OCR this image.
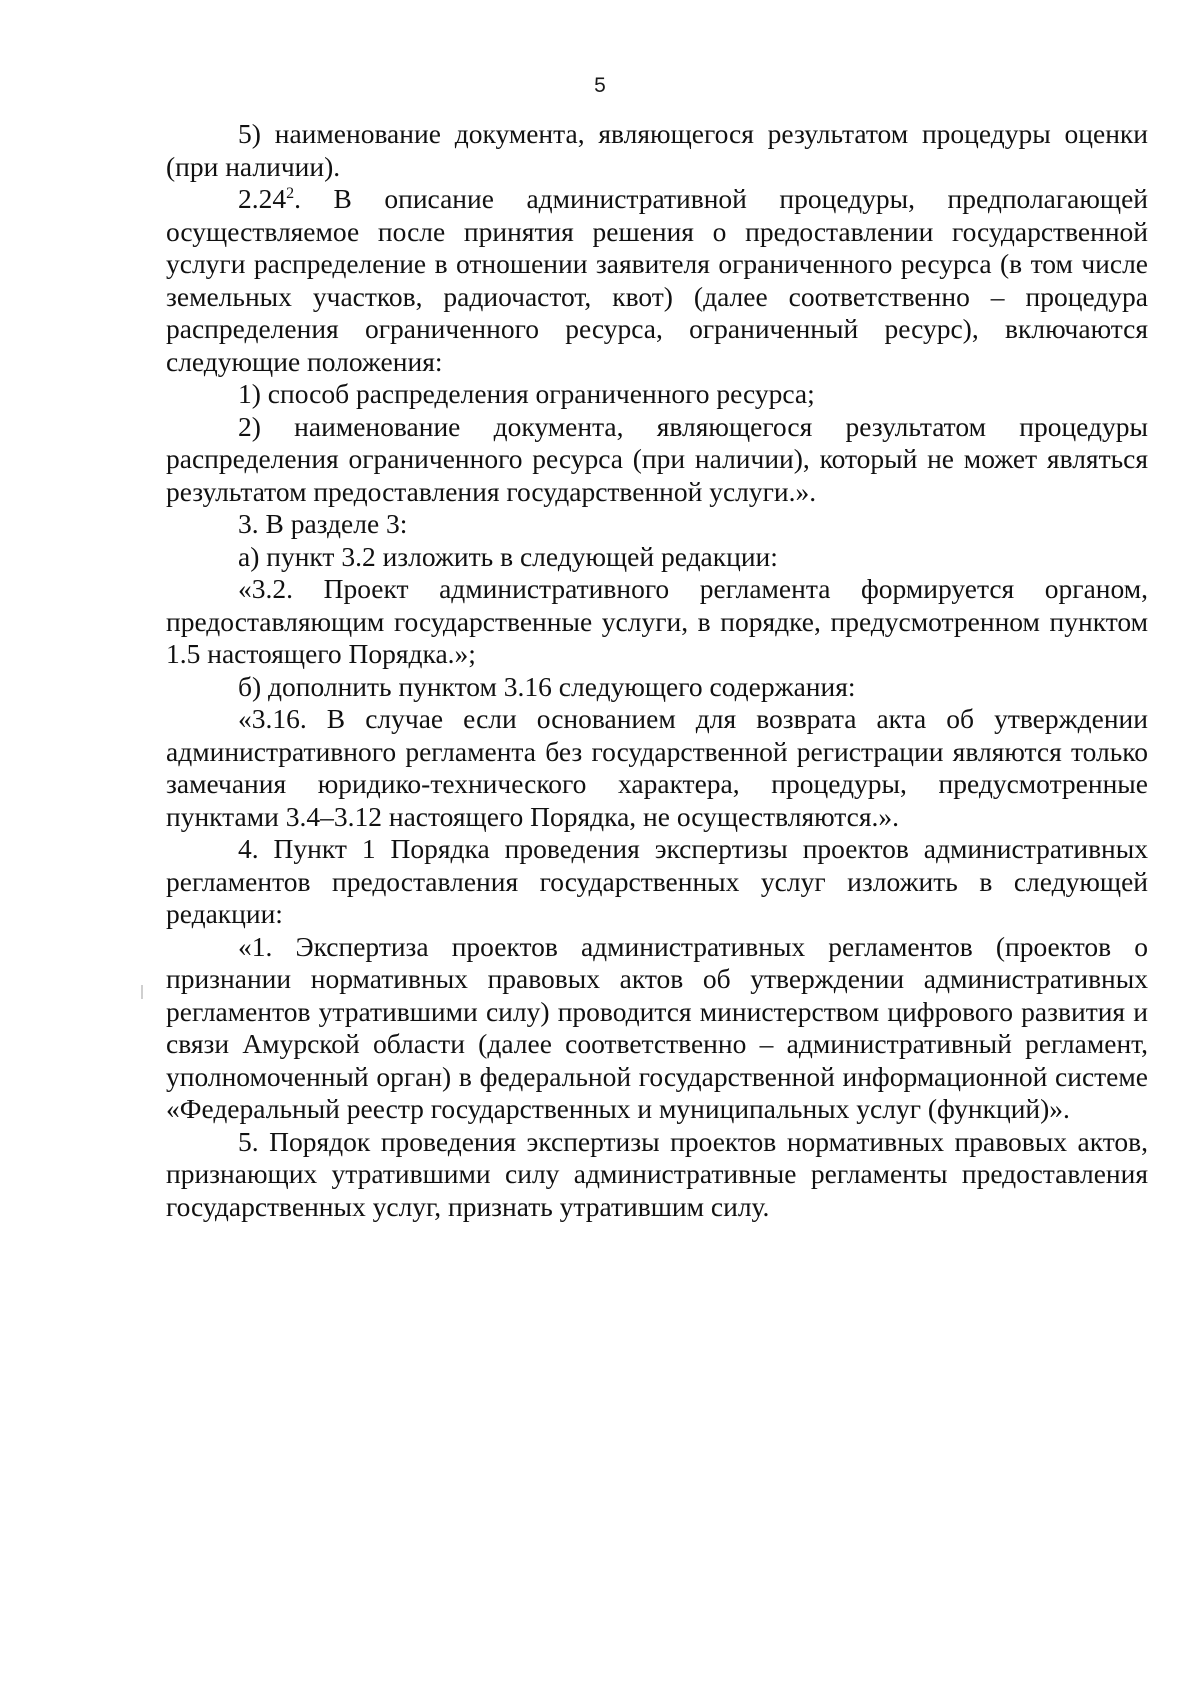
5

5) наименование документа, являющегося результатом процедуры оценки (при наличии).

2.24$^2$. В описание административной процедуры, предполагающей осуществляемое после принятия решения о предоставлении государственной услуги распределение в отношении заявителя ограниченного ресурса (в том числе земельных участков, радиочастот, квот) (далее соответственно – процедура распределения ограниченного ресурса, ограниченный ресурс), включаются следующие положения:

1) способ распределения ограниченного ресурса;

2) наименование документа, являющегося результатом процедуры распределения ограниченного ресурса (при наличии), который не может являться результатом предоставления государственной услуги.».

3. В разделе 3:

а) пункт 3.2 изложить в следующей редакции:

«3.2. Проект административного регламента формируется органом, предоставляющим государственные услуги, в порядке, предусмотренном пунктом 1.5 настоящего Порядка.»;

б) дополнить пунктом 3.16 следующего содержания:

«3.16. В случае если основанием для возврата акта об утверждении административного регламента без государственной регистрации являются только замечания юридико-технического характера, процедуры, предусмотренные пунктами 3.4–3.12 настоящего Порядка, не осуществляются.».

4. Пункт 1 Порядка проведения экспертизы проектов административных регламентов предоставления государственных услуг изложить в следующей редакции:

«1. Экспертиза проектов административных регламентов (проектов о признании нормативных правовых актов об утверждении административных регламентов утратившими силу) проводится министерством цифрового развития и связи Амурской области (далее соответственно – административный регламент, уполномоченный орган) в федеральной государственной информационной системе «Федеральный реестр государственных и муниципальных услуг (функций)».

5. Порядок проведения экспертизы проектов нормативных правовых актов, признающих утратившими силу административные регламенты предоставления государственных услуг, признать утратившим силу.
